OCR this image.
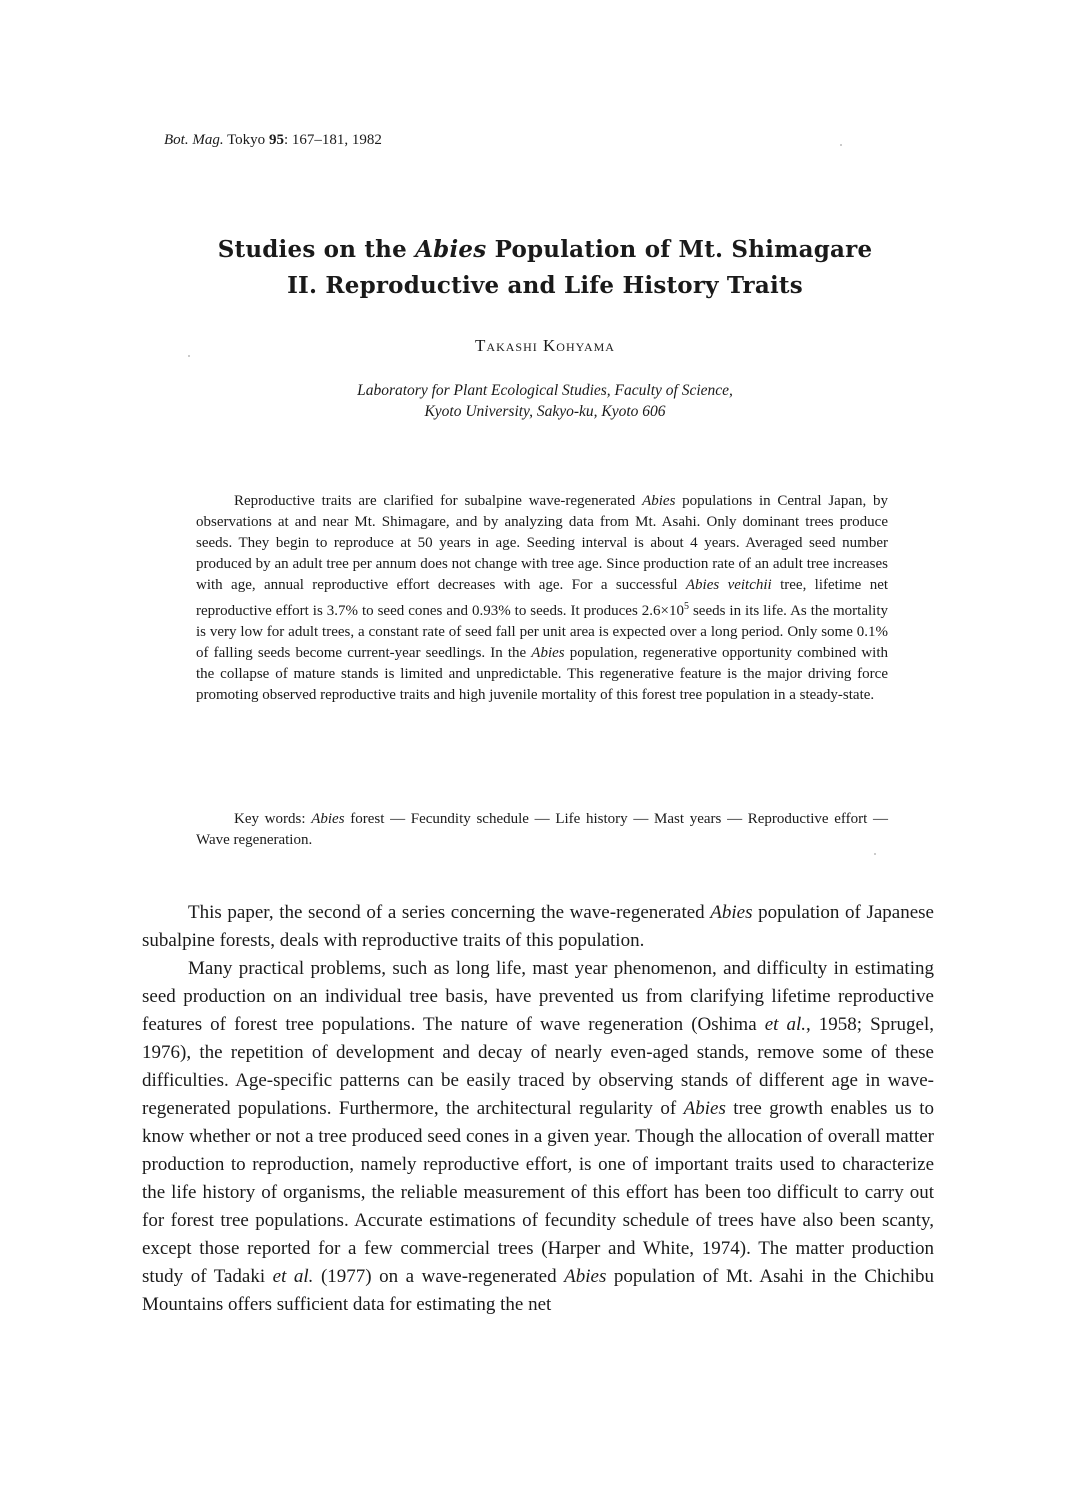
Bot. Mag. Tokyo 95: 167–181, 1982
Studies on the Abies Population of Mt. Shimagare
II. Reproductive and Life History Traits
Takashi Kohyama
Laboratory for Plant Ecological Studies, Faculty of Science,
Kyoto University, Sakyo-ku, Kyoto 606

Reproductive traits are clarified for subalpine wave-regenerated Abies populations in Central Japan, by observations at and near Mt. Shimagare, and by analyzing data from Mt. Asahi. Only dominant trees produce seeds. They begin to reproduce at 50 years in age. Seeding interval is about 4 years. Averaged seed number produced by an adult tree per annum does not change with tree age. Since production rate of an adult tree increases with age, annual reproductive effort decreases with age. For a successful Abies veitchii tree, lifetime net reproductive effort is 3.7% to seed cones and 0.93% to seeds. It produces $2.6\times 10^5$ seeds in its life. As the mortality is very low for adult trees, a constant rate of seed fall per unit area is expected over a long period. Only some 0.1% of falling seeds become current-year seedlings. In the Abies population, regenerative opportunity combined with the collapse of mature stands is limited and unpredictable. This regenerative feature is the major driving force promoting observed reproductive traits and high juvenile mortality of this forest tree population in a steady-state.

Key words: Abies forest — Fecundity schedule — Life history — Mast years — Reproductive effort — Wave regeneration.

This paper, the second of a series concerning the wave-regenerated Abies population of Japanese subalpine forests, deals with reproductive traits of this population.

Many practical problems, such as long life, mast year phenomenon, and difficulty in estimating seed production on an individual tree basis, have prevented us from clarifying lifetime reproductive features of forest tree populations. The nature of wave regeneration (Oshima et al., 1958; Sprugel, 1976), the repetition of development and decay of nearly even-aged stands, remove some of these difficulties. Age-specific patterns can be easily traced by observing stands of different age in wave-regenerated populations. Furthermore, the architectural regularity of Abies tree growth enables us to know whether or not a tree produced seed cones in a given year. Though the allocation of overall matter production to reproduction, namely reproductive effort, is one of important traits used to characterize the life history of organisms, the reliable measurement of this effort has been too difficult to carry out for forest tree populations. Accurate estimations of fecundity schedule of trees have also been scanty, except those reported for a few commercial trees (Harper and White, 1974). The matter production study of Tadaki et al. (1977) on a wave-regenerated Abies population of Mt. Asahi in the Chichibu Mountains offers sufficient data for estimating the net
